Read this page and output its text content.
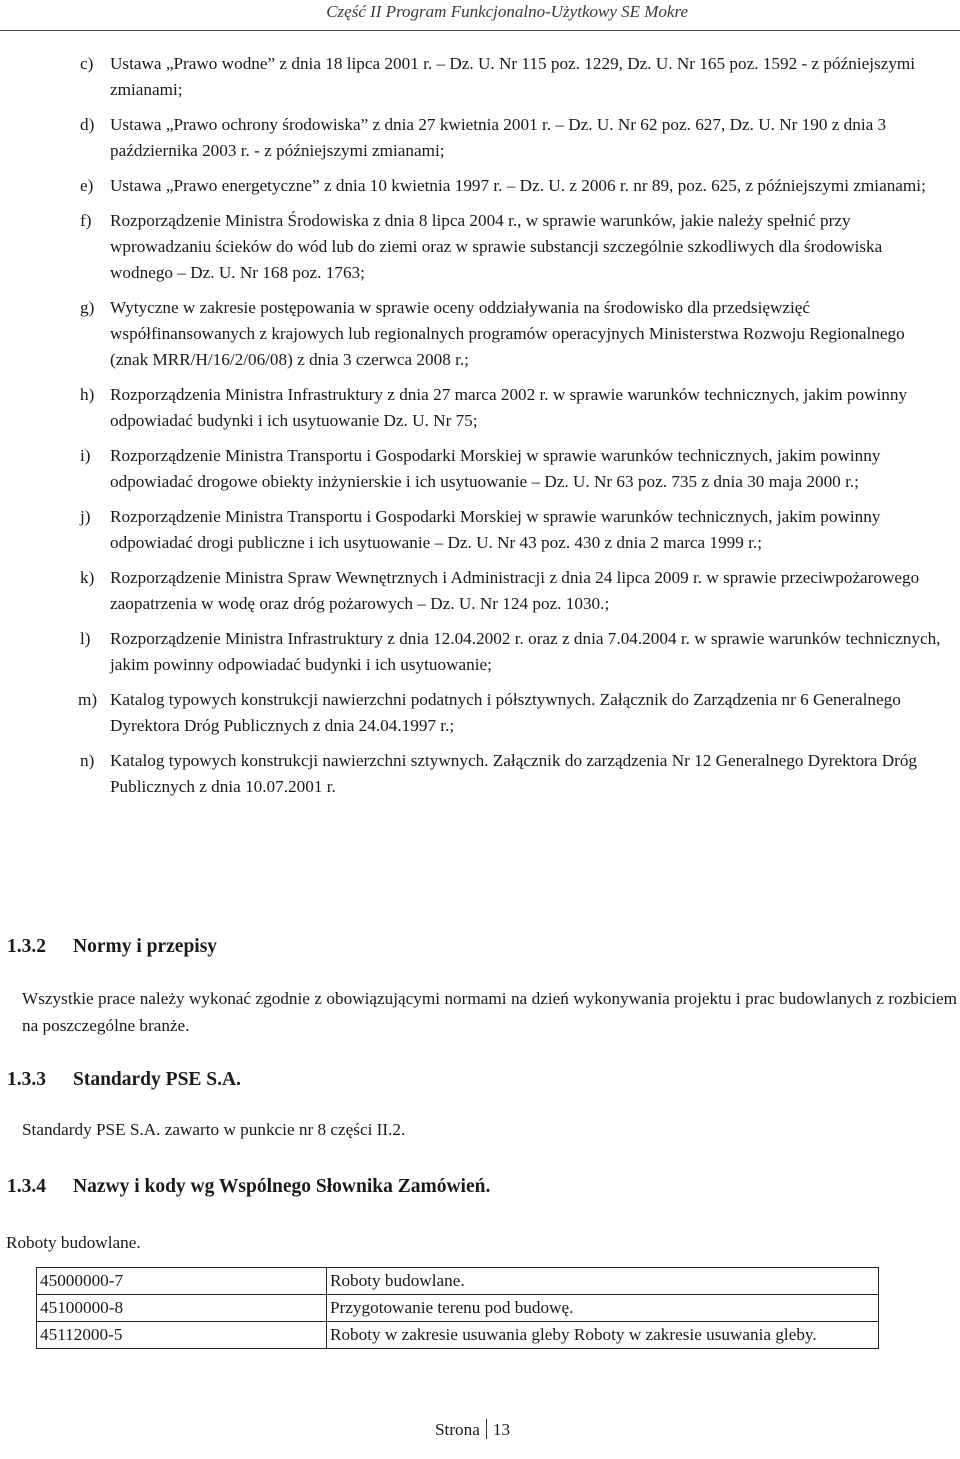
Część II Program Funkcjonalno-Użytkowy SE Mokre
c) Ustawa „Prawo wodne” z dnia 18 lipca 2001 r. – Dz. U. Nr 115 poz. 1229, Dz. U. Nr 165 poz. 1592 - z późniejszymi zmianami;
d) Ustawa „Prawo ochrony środowiska” z dnia 27 kwietnia 2001 r. – Dz. U. Nr 62 poz. 627, Dz. U. Nr 190 z dnia 3 października 2003 r. - z późniejszymi zmianami;
e) Ustawa „Prawo energetyczne” z dnia 10 kwietnia 1997 r. – Dz. U. z 2006 r. nr 89, poz. 625, z późniejszymi zmianami;
f) Rozporządzenie Ministra Środowiska z dnia 8 lipca 2004 r., w sprawie warunków, jakie należy spełnić przy wprowadzaniu ścieków do wód lub do ziemi oraz w sprawie substancji szczególnie szkodliwych dla środowiska wodnego – Dz. U. Nr 168 poz. 1763;
g) Wytyczne w zakresie postępowania w sprawie oceny oddziaływania na środowisko dla przedsięwzięć współfinansowanych z krajowych lub regionalnych programów operacyjnych Ministerstwa Rozwoju Regionalnego (znak MRR/H/16/2/06/08) z dnia 3 czerwca 2008 r.;
h) Rozporządzenia Ministra Infrastruktury z dnia 27 marca 2002 r. w sprawie warunków technicznych, jakim powinny odpowiadać budynki i ich usytuowanie Dz. U. Nr 75;
i) Rozporządzenie Ministra Transportu i Gospodarki Morskiej w sprawie warunków technicznych, jakim powinny odpowiadać drogowe obiekty inżynierskie i ich usytuowanie – Dz. U. Nr 63 poz. 735 z dnia 30 maja 2000 r.;
j) Rozporządzenie Ministra Transportu i Gospodarki Morskiej w sprawie warunków technicznych, jakim powinny odpowiadać drogi publiczne i ich usytuowanie – Dz. U. Nr 43 poz. 430 z dnia 2 marca 1999 r.;
k) Rozporządzenie Ministra Spraw Wewnętrznych i Administracji z dnia 24 lipca 2009 r. w sprawie przeciwpożarowego zaopatrzenia w wodę oraz dróg pożarowych – Dz. U. Nr 124 poz. 1030.;
l) Rozporządzenie Ministra Infrastruktury z dnia 12.04.2002 r. oraz z dnia 7.04.2004 r. w sprawie warunków technicznych, jakim powinny odpowiadać budynki i ich usytuowanie;
m) Katalog typowych konstrukcji nawierzchni podatnych i półsztywnych. Załącznik do Zarządzenia nr 6 Generalnego Dyrektora Dróg Publicznych z dnia 24.04.1997 r.;
n) Katalog typowych konstrukcji nawierzchni sztywnych. Załącznik do zarządzenia Nr 12 Generalnego Dyrektora Dróg Publicznych z dnia 10.07.2001 r.
1.3.2 Normy i przepisy
Wszystkie prace należy wykonać zgodnie z obowiązującymi normami na dzień wykonywania projektu i prac budowlanych z rozbiciem na poszczególne branże.
1.3.3 Standardy PSE S.A.
Standardy PSE S.A. zawarto w punkcie nr 8 części II.2.
1.3.4 Nazwy i kody wg Wspólnego Słownika Zamówień.
Roboty budowlane.
45000000-7	Roboty budowlane.
45100000-8	Przygotowanie terenu pod budowę.
45112000-5	Roboty w zakresie usuwania gleby Roboty w zakresie usuwania gleby.
Strona 13
